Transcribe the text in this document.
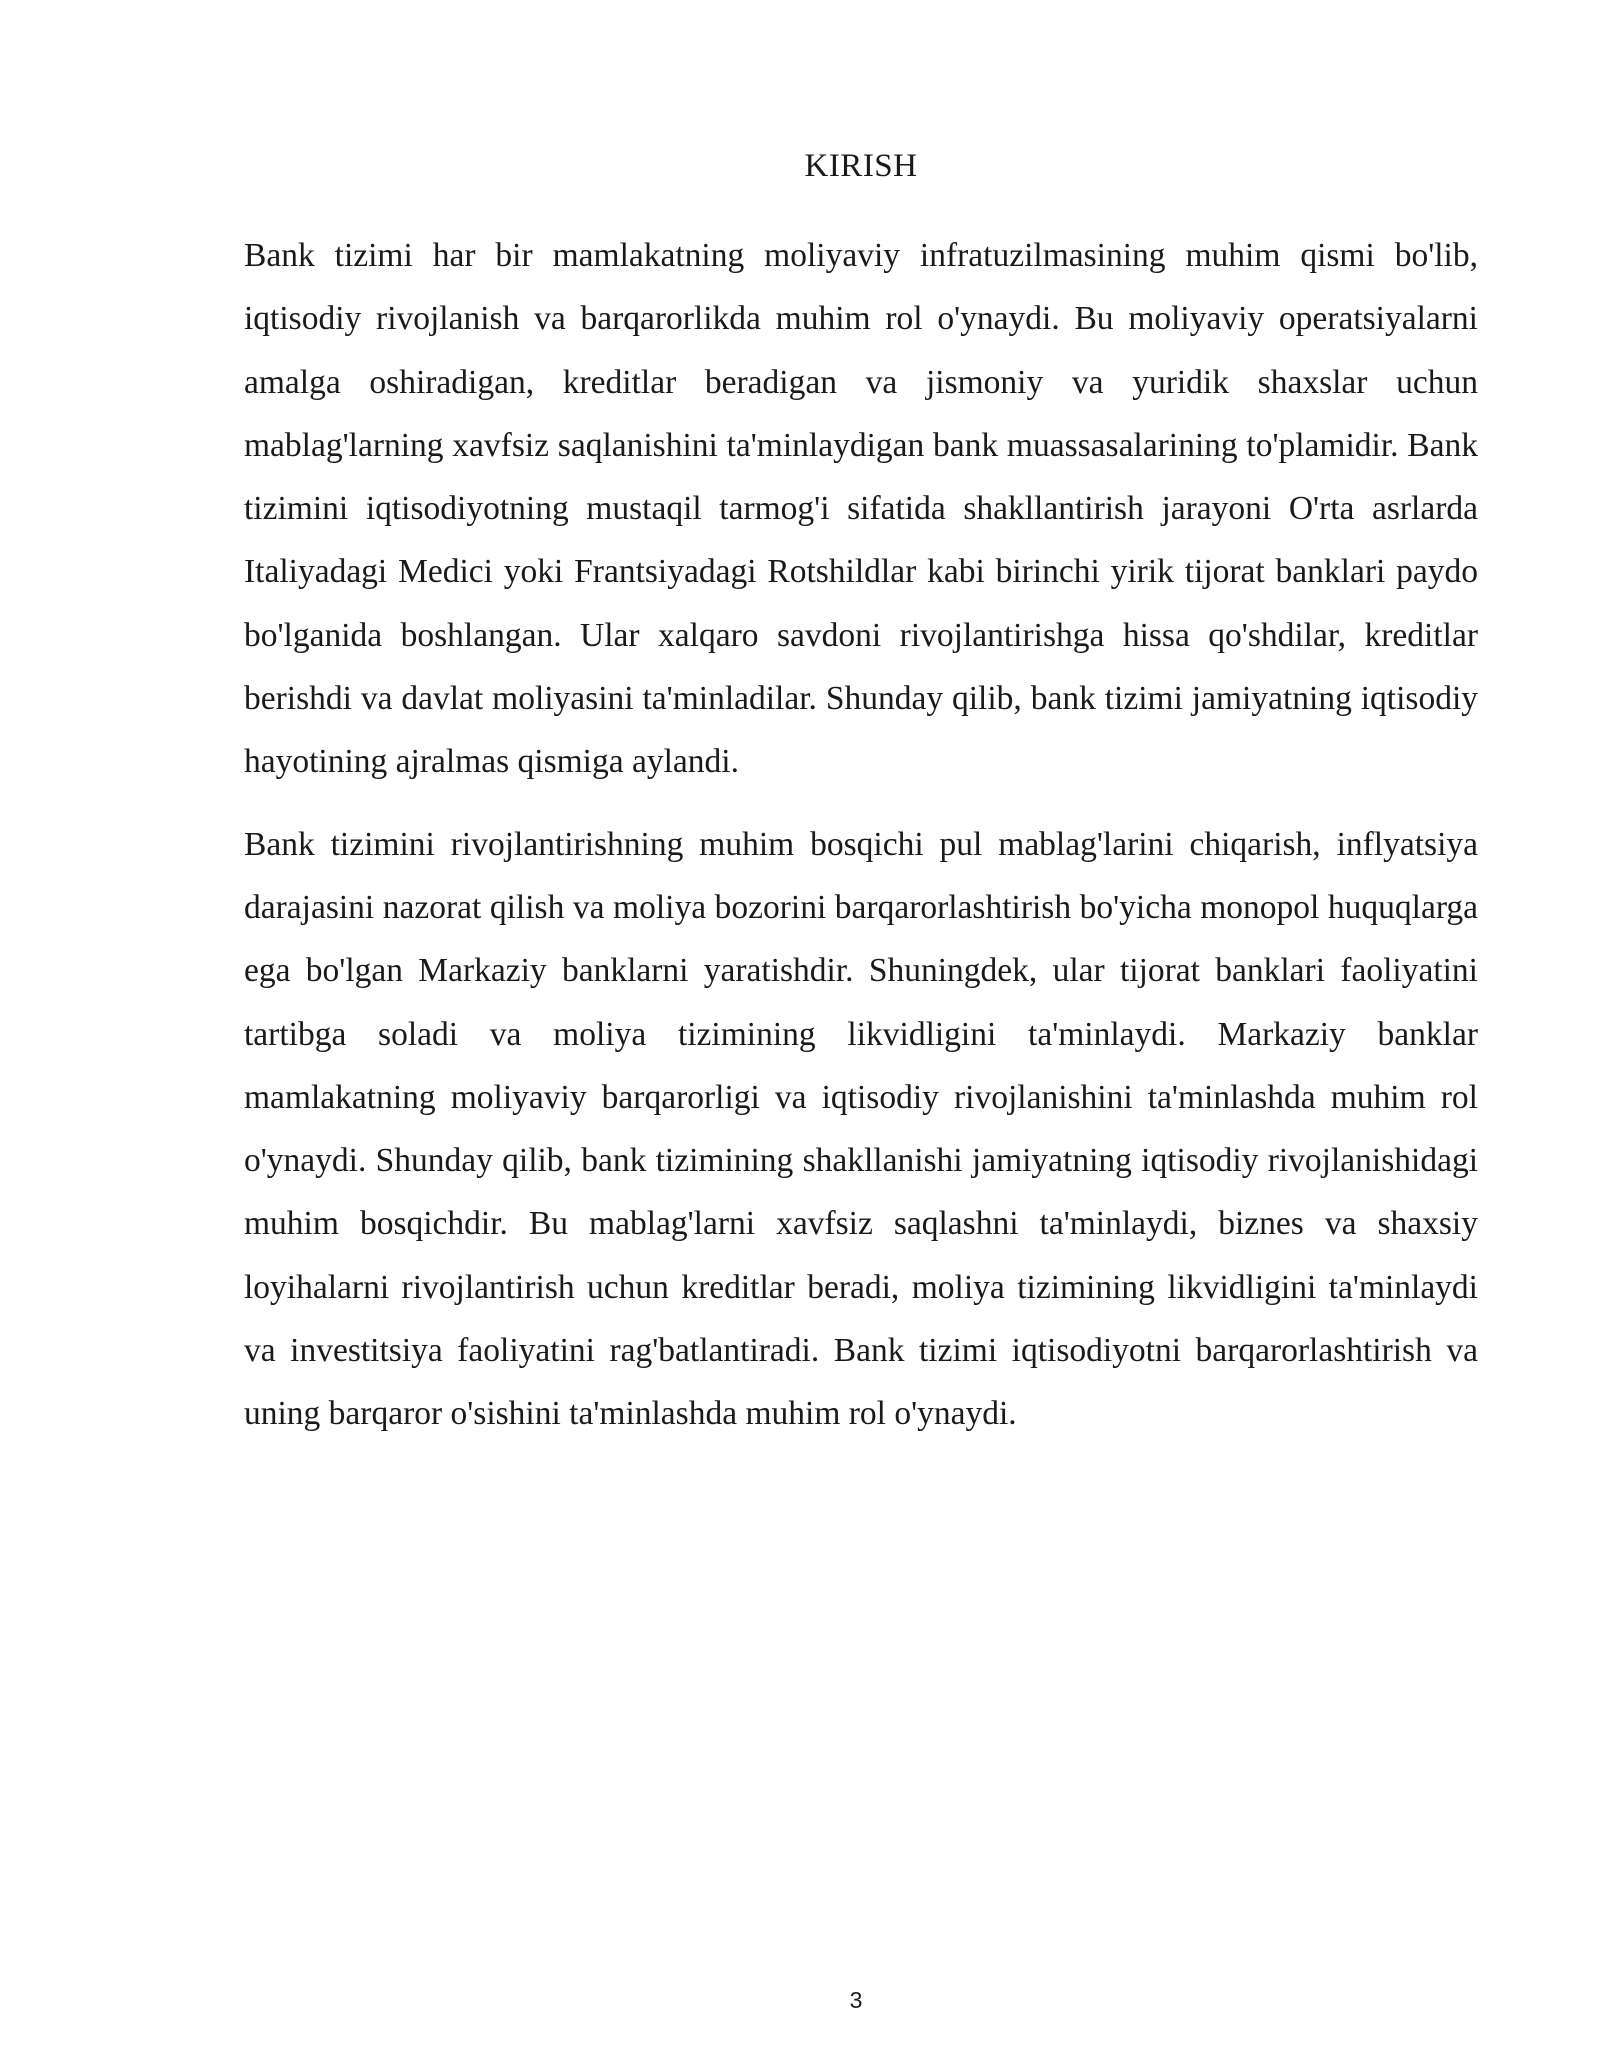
KIRISH

Bank tizimi har bir mamlakatning moliyaviy infratuzilmasining muhim qismi bo'lib, iqtisodiy rivojlanish va barqarorlikda muhim rol o'ynaydi. Bu moliyaviy operatsiyalarni amalga oshiradigan, kreditlar beradigan va jismoniy va yuridik shaxslar uchun mablag'larning xavfsiz saqlanishini ta'minlaydigan bank muassasalarining to'plamidir. Bank tizimini iqtisodiyotning mustaqil tarmog'i sifatida shakllantirish jarayoni O'rta asrlarda Italiyadagi Medici yoki Frantsiyadagi Rotshildlar kabi birinchi yirik tijorat banklari paydo bo'lganida boshlangan. Ular xalqaro savdoni rivojlantirishga hissa qo'shdilar, kreditlar berishdi va davlat moliyasini ta'minladilar. Shunday qilib, bank tizimi jamiyatning iqtisodiy hayotining ajralmas qismiga aylandi.

Bank tizimini rivojlantirishning muhim bosqichi pul mablag'larini chiqarish, inflyatsiya darajasini nazorat qilish va moliya bozorini barqarorlashtirish bo'yicha monopol huquqlarga ega bo'lgan Markaziy banklarni yaratishdir. Shuningdek, ular tijorat banklari faoliyatini tartibga soladi va moliya tizimining likvidligini ta'minlaydi. Markaziy banklar mamlakatning moliyaviy barqarorligi va iqtisodiy rivojlanishini ta'minlashda muhim rol o'ynaydi. Shunday qilib, bank tizimining shakllanishi jamiyatning iqtisodiy rivojlanishidagi muhim bosqichdir. Bu mablag'larni xavfsiz saqlashni ta'minlaydi, biznes va shaxsiy loyihalarni rivojlantirish uchun kreditlar beradi, moliya tizimining likvidligini ta'minlaydi va investitsiya faoliyatini rag'batlantiradi. Bank tizimi iqtisodiyotni barqarorlashtirish va uning barqaror o'sishini ta'minlashda muhim rol o'ynaydi.

3
